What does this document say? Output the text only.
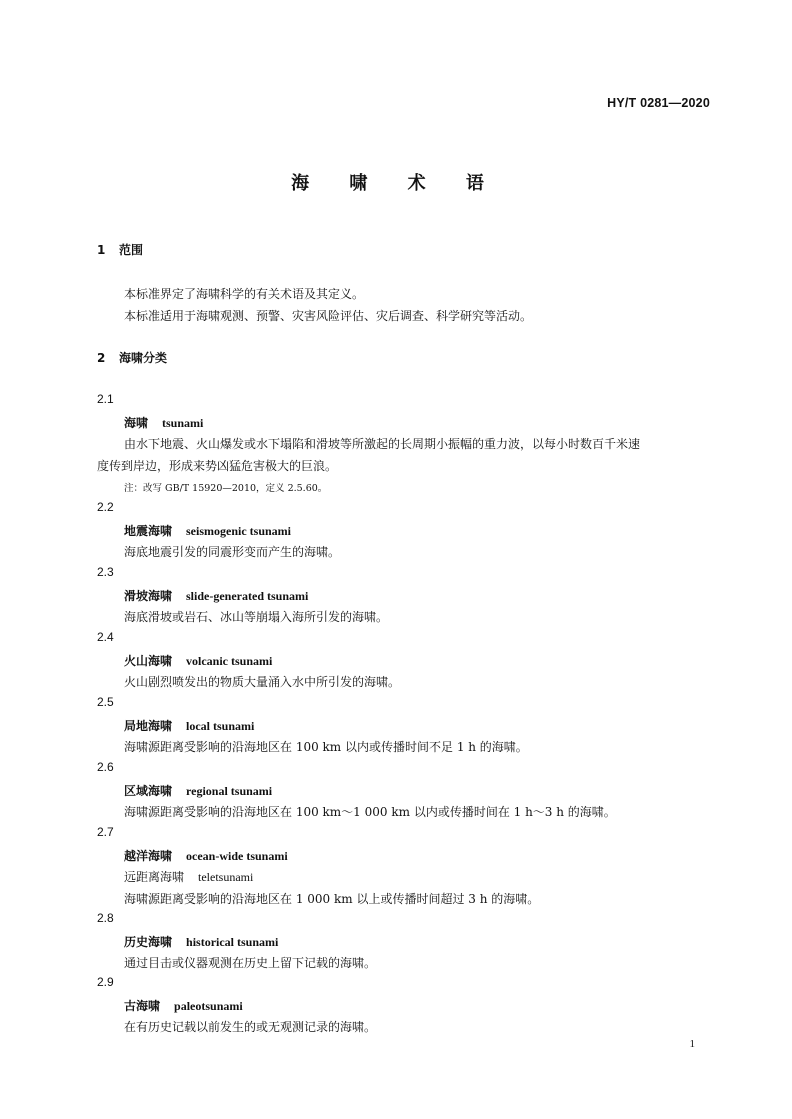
HY/T 0281—2020
海 啸 术 语
1 范围
本标准界定了海啸科学的有关术语及其定义。
本标准适用于海啸观测、预警、灾害风险评估、灾后调查、科学研究等活动。
2 海啸分类
2.1
海啸 tsunami
由水下地震、火山爆发或水下塌陷和滑坡等所激起的长周期小振幅的重力波，以每小时数百千米速
度传到岸边，形成来势凶猛危害极大的巨浪。
注：改写 GB/T 15920—2010，定义 2.5.60。
2.2
地震海啸 seismogenic tsunami
海底地震引发的同震形变而产生的海啸。
2.3
滑坡海啸 slide-generated tsunami
海底滑坡或岩石、冰山等崩塌入海所引发的海啸。
2.4
火山海啸 volcanic tsunami
火山剧烈喷发出的物质大量涌入水中所引发的海啸。
2.5
局地海啸 local tsunami
海啸源距离受影响的沿海地区在 100 km 以内或传播时间不足 1 h 的海啸。
2.6
区域海啸 regional tsunami
海啸源距离受影响的沿海地区在 100 km～1 000 km 以内或传播时间在 1 h～3 h 的海啸。
2.7
越洋海啸 ocean-wide tsunami
远距离海啸 teletsunami
海啸源距离受影响的沿海地区在 1 000 km 以上或传播时间超过 3 h 的海啸。
2.8
历史海啸 historical tsunami
通过目击或仪器观测在历史上留下记载的海啸。
2.9
古海啸 paleotsunami
在有历史记载以前发生的或无观测记录的海啸。
1
